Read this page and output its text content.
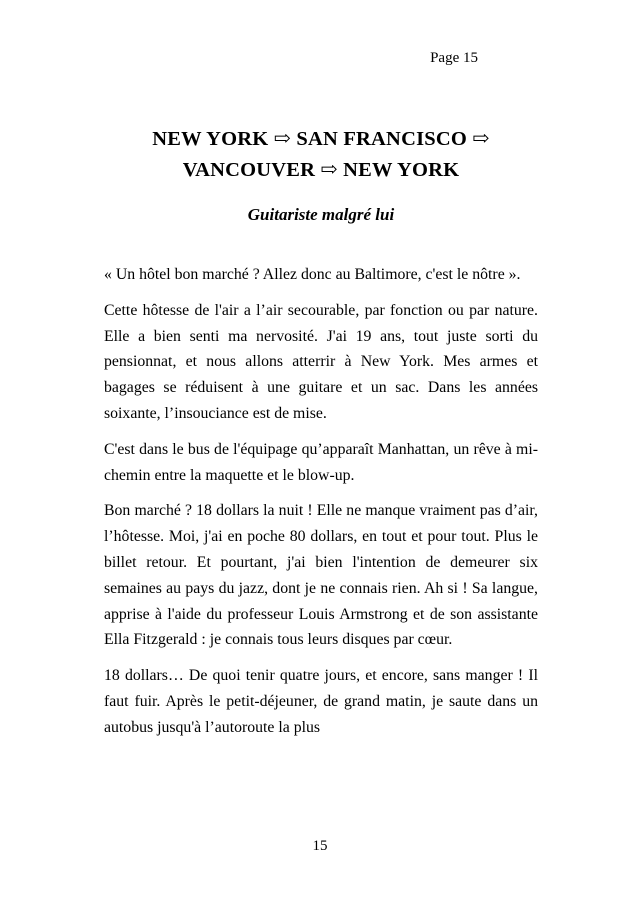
Page 15
NEW YORK ⇨ SAN FRANCISCO ⇨ VANCOUVER ⇨ NEW YORK
Guitariste malgré lui

« Un hôtel bon marché ? Allez donc au Baltimore, c'est le nôtre ».

Cette hôtesse de l'air a l’air secourable, par fonction ou par nature. Elle a bien senti ma nervosité. J'ai 19 ans, tout juste sorti du pensionnat, et nous allons atterrir à New York. Mes armes et bagages se réduisent à une guitare et un sac. Dans les années soixante, l’insouciance est de mise.

C'est dans le bus de l'équipage qu’apparaît Manhattan, un rêve à mi-chemin entre la maquette et le blow-up.

Bon marché ? 18 dollars la nuit ! Elle ne manque vraiment pas d’air, l’hôtesse. Moi, j'ai en poche 80 dollars, en tout et pour tout. Plus le billet retour. Et pourtant, j'ai bien l'intention de demeurer six semaines au pays du jazz, dont je ne connais rien. Ah si ! Sa langue, apprise à l'aide du professeur Louis Armstrong et de son assistante Ella Fitzgerald : je connais tous leurs disques par cœur.

18 dollars… De quoi tenir quatre jours, et encore, sans manger ! Il faut fuir. Après le petit-déjeuner, de grand matin, je saute dans un autobus jusqu'à l’autoroute la plus

15
